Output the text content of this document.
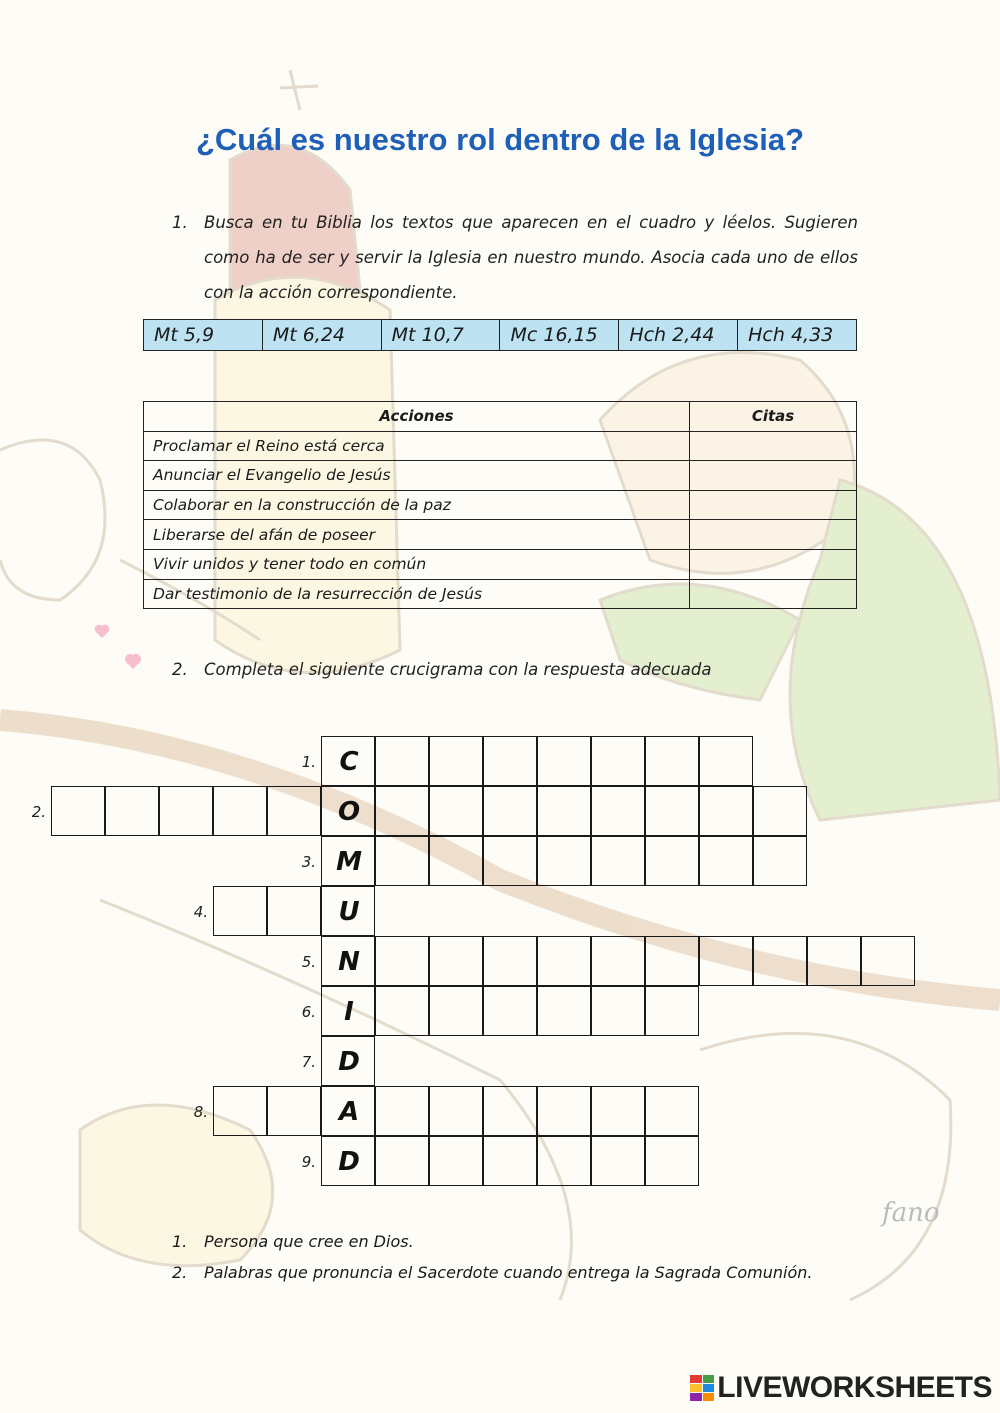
fano
¿Cuál es nuestro rol dentro de la Iglesia?
1. Busca en tu Biblia los textos que aparecen en el cuadro y léelos. Sugieren como ha de ser y servir la Iglesia en nuestro mundo. Asocia cada uno de ellos con la acción correspondiente.
Mt 5,9	Mt 6,24	Mt 10,7	Mc 16,15	Hch 2,44	Hch 4,33
Acciones	Citas
Proclamar el Reino está cerca	
Anunciar el Evangelio de Jesús	
Colaborar en la construcción de la paz	
Liberarse del afán de poseer	
Vivir unidos y tener todo en común	
Dar testimonio de la resurrección de Jesús	
2. Completa el siguiente crucigrama con la respuesta adecuada
C
1.
O
2.
M
3.
U
4.
N
5.
I
6.
D
7.
A
8.
D
9.
1. Persona que cree en Dios.
2. Palabras que pronuncia el Sacerdote cuando entrega la Sagrada Comunión.
LIVEWORKSHEETS
